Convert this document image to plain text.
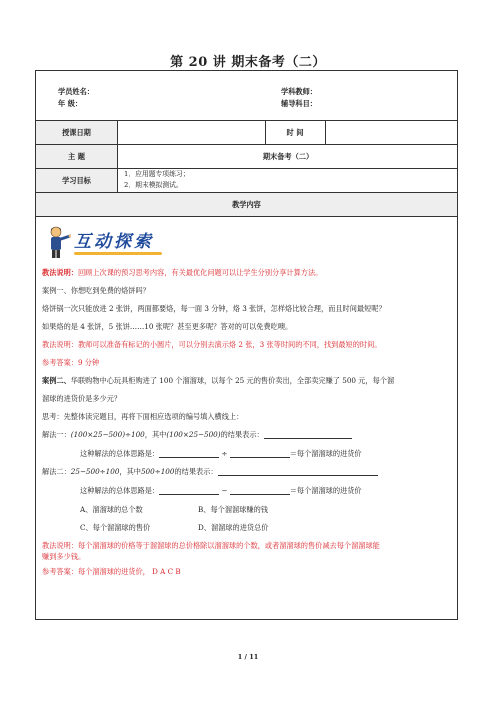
第 20 讲 期末备考（二）
学员姓名：	学科教师：
年 级：	辅导科目：
授课日期	时 间
主 题	期末备考（二）
学习目标
1．应用题专项练习；
2．期末模拟测试。
教学内容
互动探索
教法说明：回顾上次课的预习思考内容，有关最优化问题可以让学生分别分享计算方法。
案例一、你想吃到免费的烙饼吗？
烙饼锅一次只能放进 2 张饼，两面都要烙，每一面 3 分钟，烙 3 张饼，怎样烙比较合理，而且时间最短呢？
如果烙的是 4 张饼，5 张饼……10 张呢？甚至更多呢？答对的可以免费吃噢。
教法说明：教师可以准备有标记的小圆片，可以分别去演示烙 2 张，3 张等时间的不同，找到最短的时间。
参考答案：9 分钟
案例二、华联购物中心玩具柜购进了 100 个溜溜球，以每个 25 元的售价卖出，全部卖完赚了 500 元，每个溜
溜球的进货价是多少元？
思考：先整体读完题目，再将下面相应选项的编号填入横线上：
解法一：(100×25−500)÷100，其中(100×25−500)的结果表示：
这种解法的总体思路是：	÷	＝每个溜溜球的进货价
解法二：25−500÷100，其中500÷100的结果表示：
这种解法的总体思路是：	−	＝每个溜溜球的进货价
A、溜溜球的总个数	B、每个溜溜球赚的钱
C、每个溜溜球的售价	D、溜溜球的进货总价
教法说明：每个溜溜球的价格等于溜溜球的总价格除以溜溜球的个数，或者溜溜球的售价减去每个溜溜球能
赚到多少钱。
参考答案：每个溜溜球的进货价， D A C B
1 / 11
